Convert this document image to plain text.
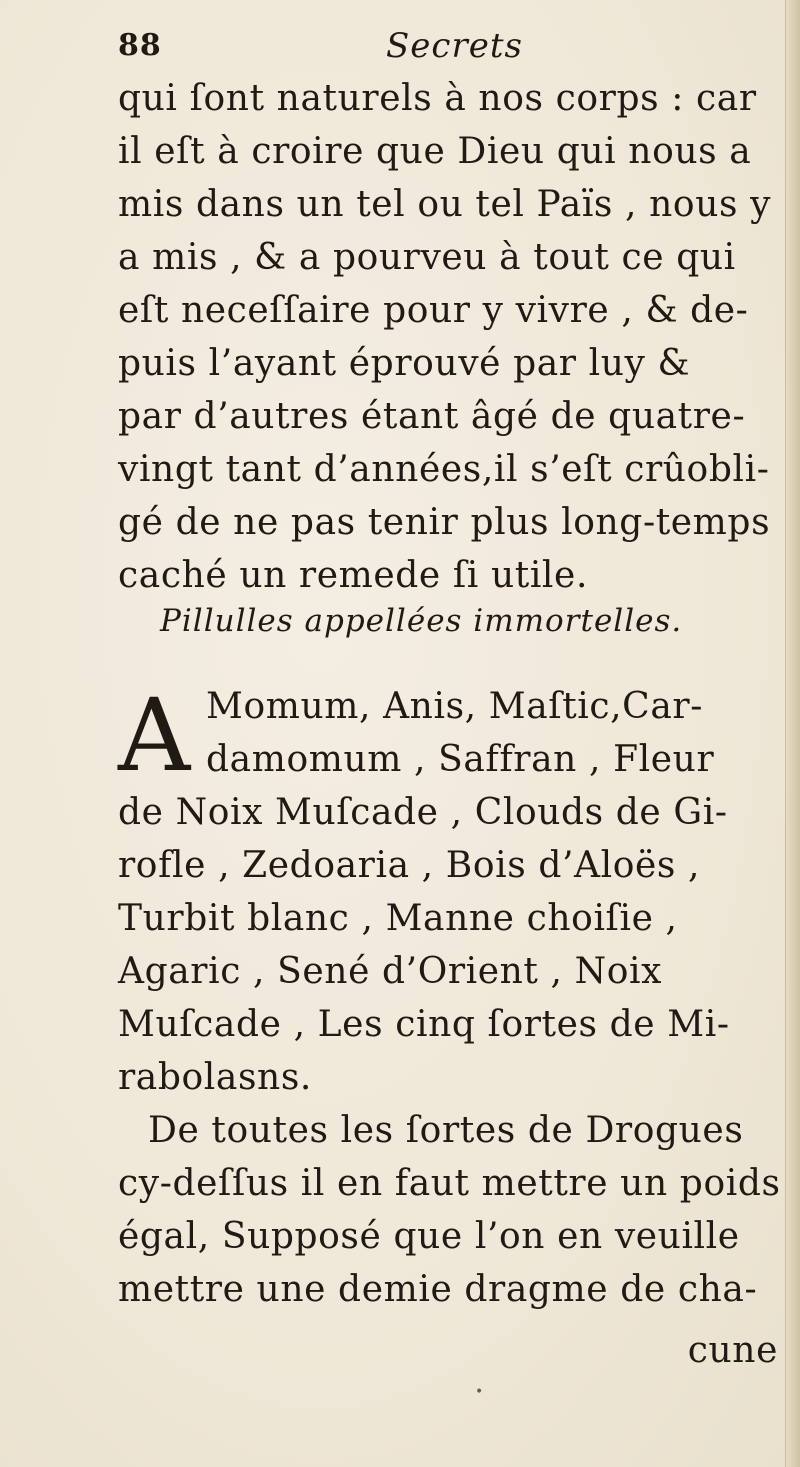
88	Secrets
qui ſont naturels à nos corps : car
il eſt à croire que Dieu qui nous a
mis dans un tel ou tel Païs , nous y
a mis , & a pourveu à tout ce qui
eſt neceſſaire pour y vivre , & de-
puis l’ayant éprouvé par luy &
par d’autres étant âgé de quatre-
vingt tant d’années,il s’eſt crûobli-
gé de ne pas tenir plus long-temps
caché un remede ſi utile.
Pillulles appellées immortelles.
A Momum, Anis, Maſtic,Car-
damomum , Saffran , Fleur
de Noix Muſcade , Clouds de Gi-
rofle , Zedoaria , Bois d’Aloës ,
Turbit blanc , Manne choiſie ,
Agaric , Sené d’Orient , Noix
Muſcade , Les cinq ſortes de Mi-
rabolasns.
De toutes les ſortes de Drogues
cy-deſſus il en faut mettre un poids
égal, Supposé que l’on en veuille
mettre une demie dragme de cha-
cune
•
